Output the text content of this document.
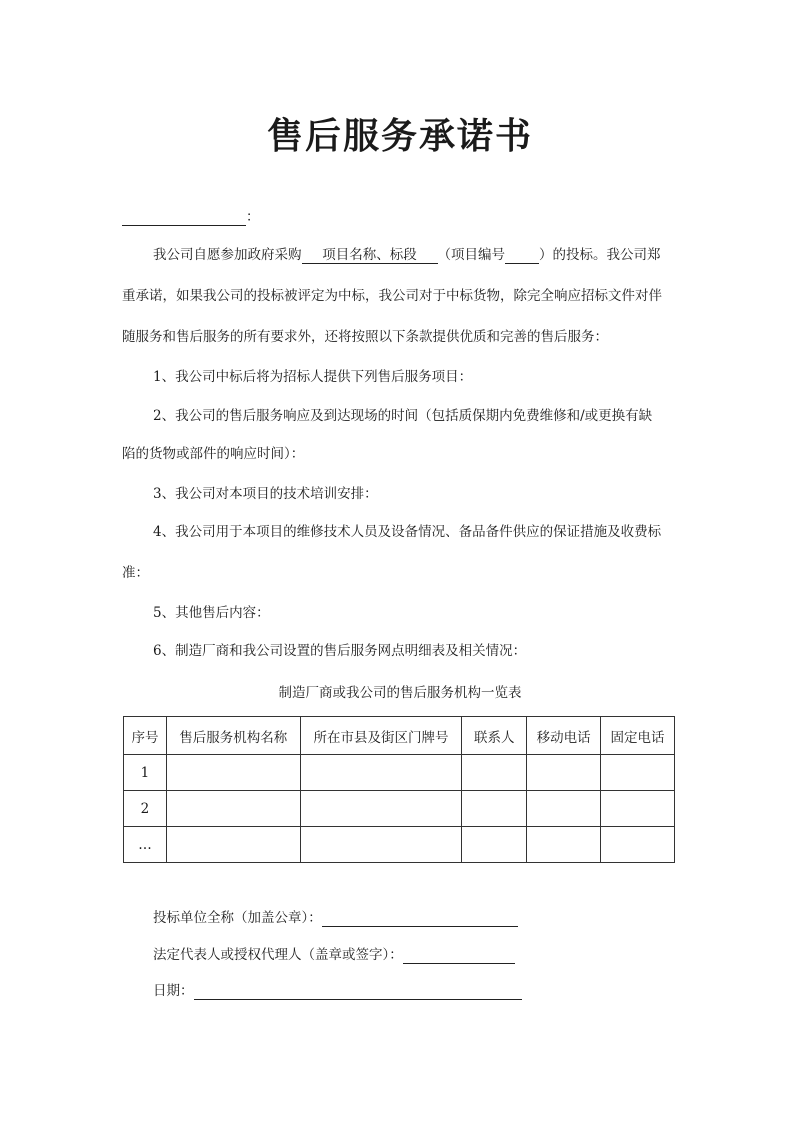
售后服务承诺书
：
我公司自愿参加政府采购 项目名称、标段 （项目编号	）的投标。我公司郑
重承诺，如果我公司的投标被评定为中标，我公司对于中标货物，除完全响应招标文件对伴
随服务和售后服务的所有要求外，还将按照以下条款提供优质和完善的售后服务：
1、我公司中标后将为招标人提供下列售后服务项目：
2、我公司的售后服务响应及到达现场的时间（包括质保期内免费维修和/或更换有缺
陷的货物或部件的响应时间）：
3、我公司对本项目的技术培训安排：
4、我公司用于本项目的维修技术人员及设备情况、备品备件供应的保证措施及收费标
准：
5、其他售后内容：
6、制造厂商和我公司设置的售后服务网点明细表及相关情况：
制造厂商或我公司的售后服务机构一览表
序号	售后服务机构名称	所在市县及街区门牌号	联系人	移动电话	固定电话
1					
2					
…					
投标单位全称（加盖公章）：
法定代表人或授权代理人（盖章或签字）：
日期：
